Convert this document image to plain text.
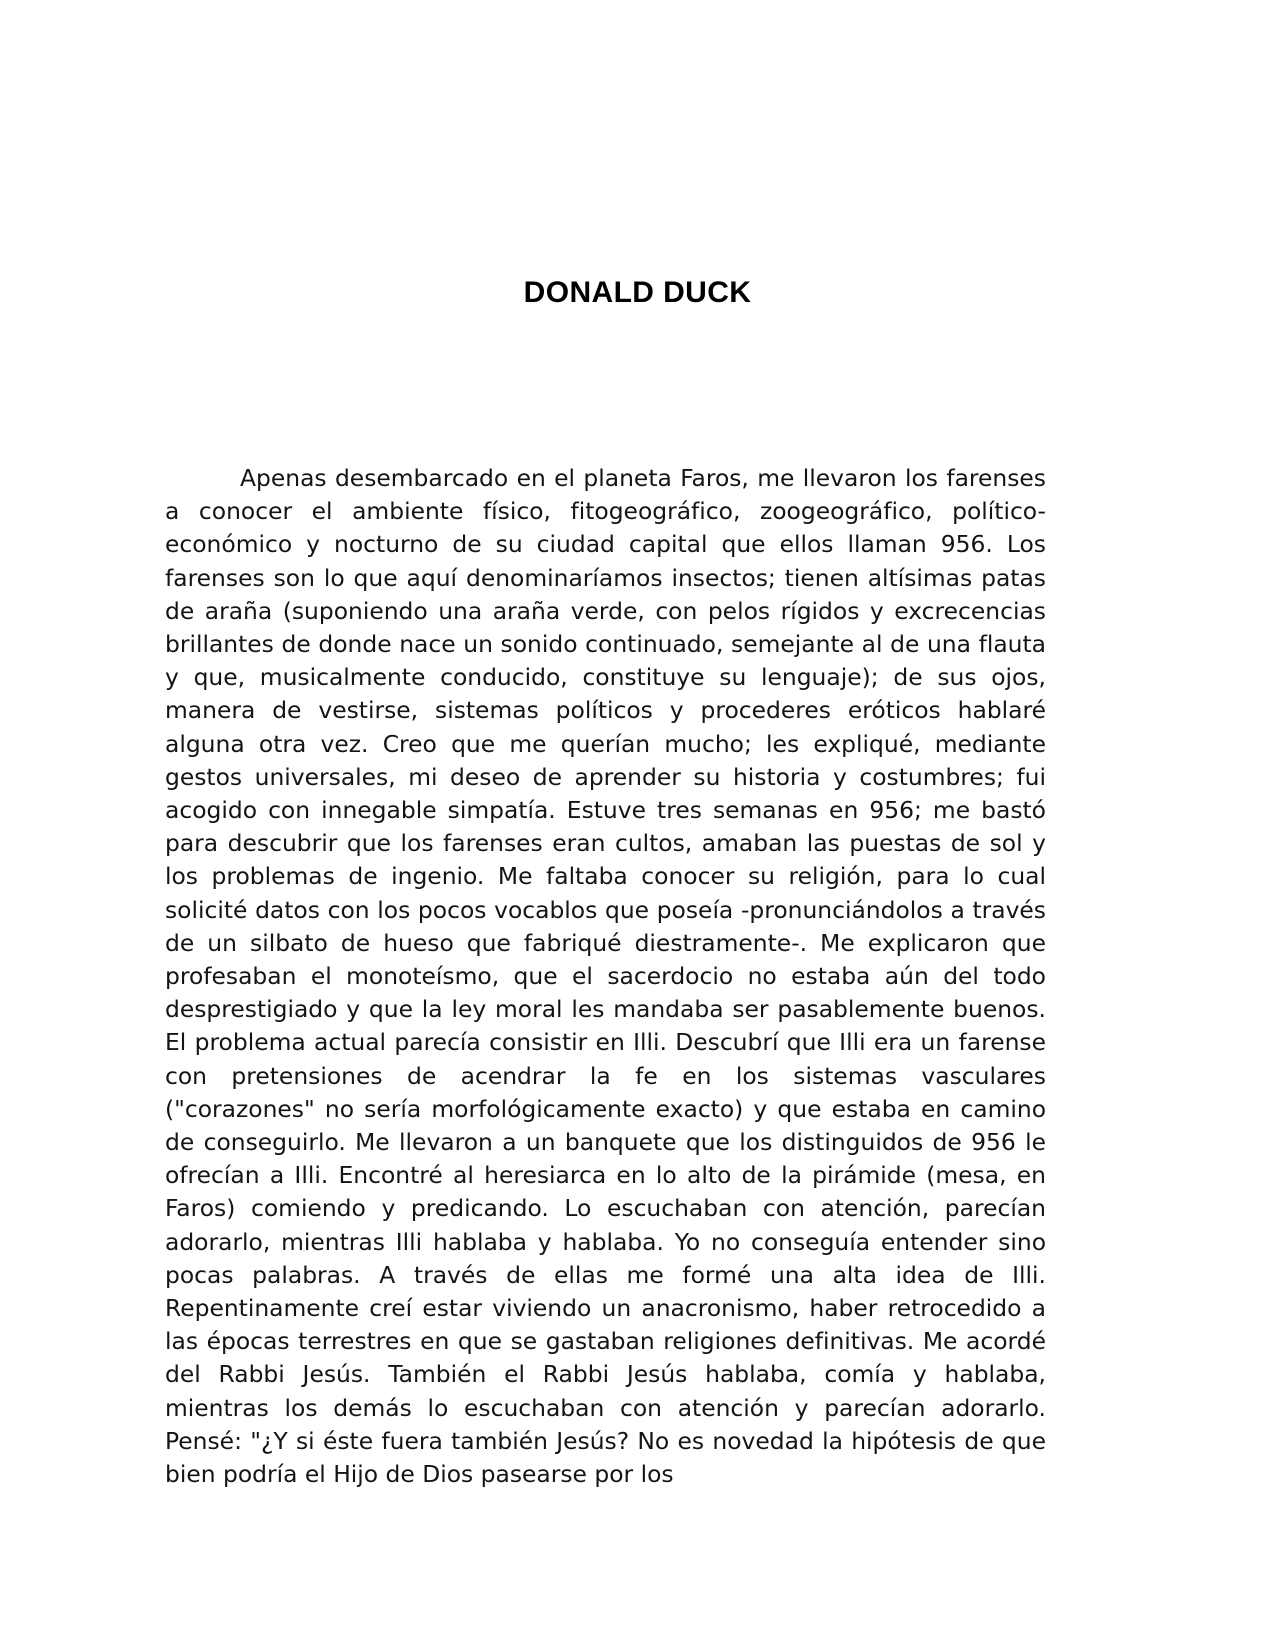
DONALD DUCK

Apenas desembarcado en el planeta Faros, me llevaron los farenses a conocer el ambiente físico, fitogeográfico, zoogeográfico, político-económico y nocturno de su ciudad capital que ellos llaman 956. Los farenses son lo que aquí denominaríamos insectos; tienen altísimas patas de araña (suponiendo una araña verde, con pelos rígidos y excrecencias brillantes de donde nace un sonido continuado, semejante al de una flauta y que, musicalmente conducido, constituye su lenguaje); de sus ojos, manera de vestirse, sistemas políticos y procederes eróticos hablaré alguna otra vez. Creo que me querían mucho; les expliqué, mediante gestos universales, mi deseo de aprender su historia y costumbres; fui acogido con innegable simpatía. Estuve tres semanas en 956; me bastó para descubrir que los farenses eran cultos, amaban las puestas de sol y los problemas de ingenio. Me faltaba conocer su religión, para lo cual solicité datos con los pocos vocablos que poseía -pronunciándolos a través de un silbato de hueso que fabriqué diestramente-. Me explicaron que profesaban el monoteísmo, que el sacerdocio no estaba aún del todo desprestigiado y que la ley moral les mandaba ser pasablemente buenos. El problema actual parecía consistir en Illi. Descubrí que Illi era un farense con pretensiones de acendrar la fe en los sistemas vasculares ("corazones" no sería morfológicamente exacto) y que estaba en camino de conseguirlo. Me llevaron a un banquete que los distinguidos de 956 le ofrecían a Illi. Encontré al heresiarca en lo alto de la pirámide (mesa, en Faros) comiendo y predicando. Lo escuchaban con atención, parecían adorarlo, mientras Illi hablaba y hablaba. Yo no conseguía entender sino pocas palabras. A través de ellas me formé una alta idea de Illi. Repentinamente creí estar viviendo un anacronismo, haber retrocedido a las épocas terrestres en que se gastaban religiones definitivas. Me acordé del Rabbi Jesús. También el Rabbi Jesús hablaba, comía y hablaba, mientras los demás lo escuchaban con atención y parecían adorarlo. Pensé: "¿Y si éste fuera también Jesús? No es novedad la hipótesis de que bien podría el Hijo de Dios pasearse por los
